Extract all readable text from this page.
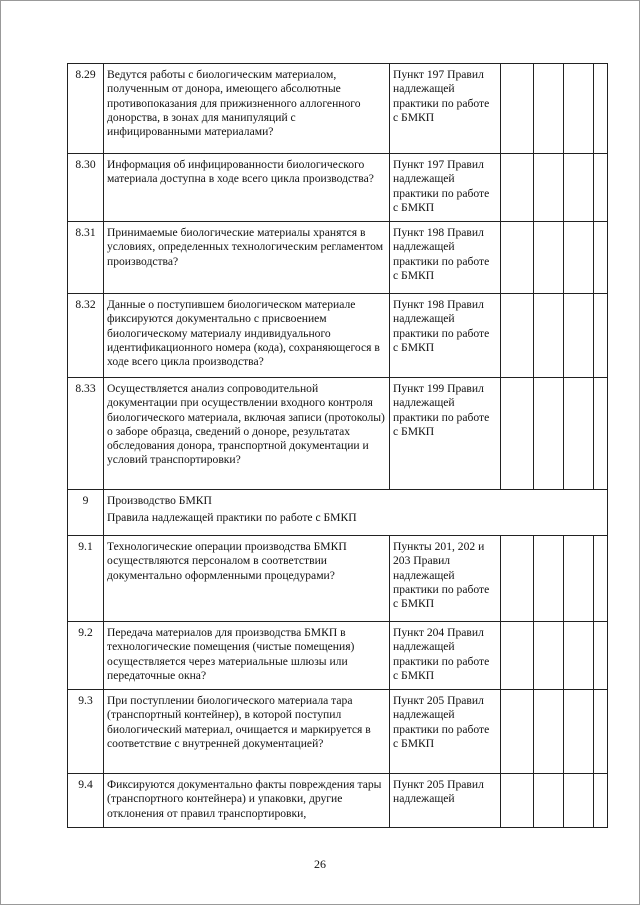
8.29	Ведутся работы с биологическим материалом, полученным от донора, имеющего абсолютные противопоказания для прижизненного аллогенного донорства, в зонах для манипуляций с инфицированными материалами?	Пункт 197 Правил надлежащей практики по работе с БМКП				
8.30	Информация об инфицированности биологического материала доступна в ходе всего цикла производства?	Пункт 197 Правил надлежащей практики по работе с БМКП				
8.31	Принимаемые биологические материалы хранятся в условиях, определенных технологическим регламентом производства?	Пункт 198 Правил надлежащей практики по работе с БМКП				
8.32	Данные о поступившем биологическом материале фиксируются документально с присвоением биологическому материалу индивидуального идентификационного номера (кода), сохраняющегося в ходе всего цикла производства?	Пункт 198 Правил надлежащей практики по работе с БМКП				
8.33	Осуществляется анализ сопроводительной документации при осуществлении входного контроля биологического материала, включая записи (протоколы) о заборе образца, сведений о доноре, результатах обследования донора, транспортной документации и условий транспортировки?	Пункт 199 Правил надлежащей практики по работе с БМКП				
9	Производство БМКП
Правила надлежащей практики по работе с БМКП					

9.1	Технологические операции производства БМКП осуществляются персоналом в соответствии документально оформленными процедурами?	Пункты 201, 202 и 203 Правил надлежащей практики по работе с БМКП				
9.2	Передача материалов для производства БМКП в технологические помещения (чистые помещения) осуществляется через материальные шлюзы или передаточные окна?	Пункт 204 Правил надлежащей практики по работе с БМКП				
9.3	При поступлении биологического материала тара (транспортный контейнер), в которой поступил биологический материал, очищается и маркируется в соответствие с внутренней документацией?	Пункт 205 Правил надлежащей практики по работе с БМКП				
9.4	Фиксируются документально факты повреждения тары (транспортного контейнера) и упаковки, другие отклонения от правил транспортировки,	Пункт 205 Правил надлежащей				
26
